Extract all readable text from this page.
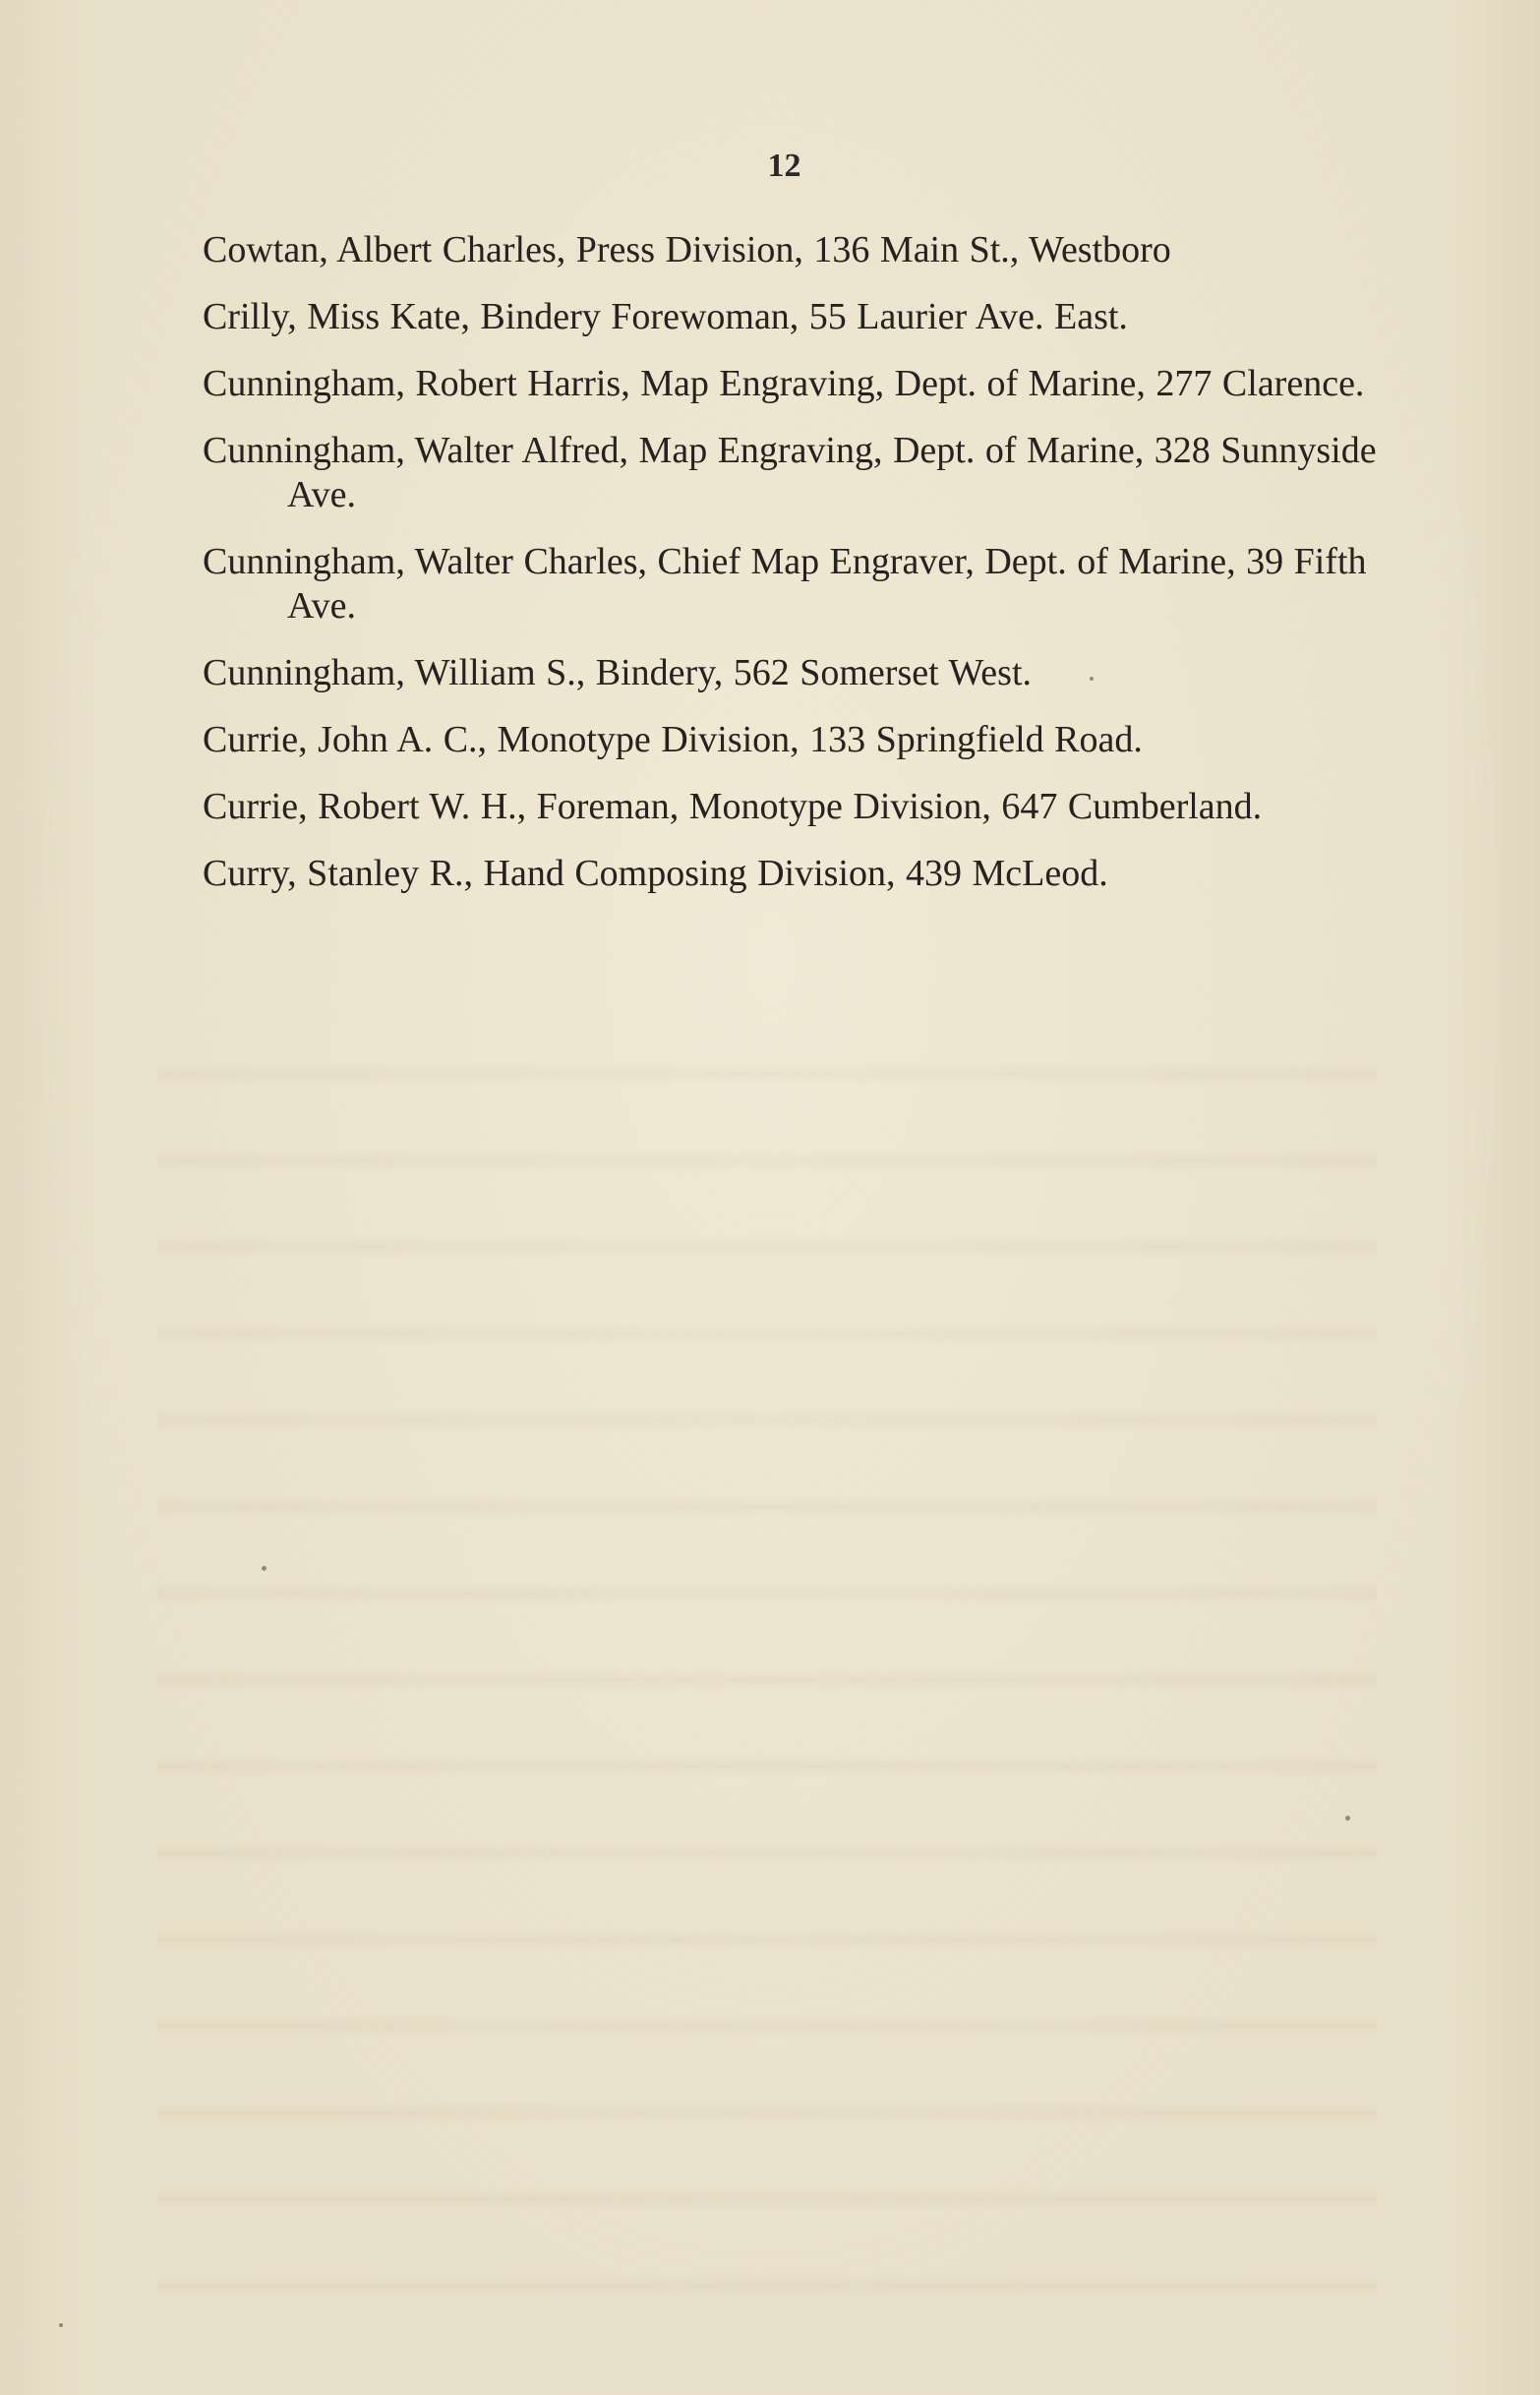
12

Cowtan, Albert Charles, Press Division, 136 Main St., Westboro

Crilly, Miss Kate, Bindery Forewoman, 55 Laurier Ave. East.

Cunningham, Robert Harris, Map Engraving, Dept. of Marine, 277 Clarence.

Cunningham, Walter Alfred, Map Engraving, Dept. of Marine, 328 Sunnyside Ave.

Cunningham, Walter Charles, Chief Map Engraver, Dept. of Marine, 39 Fifth Ave.

Cunningham, William S., Bindery, 562 Somerset West.

Currie, John A. C., Monotype Division, 133 Springfield Road.

Currie, Robert W. H., Foreman, Monotype Division, 647 Cumberland.

Curry, Stanley R., Hand Composing Division, 439 McLeod.
